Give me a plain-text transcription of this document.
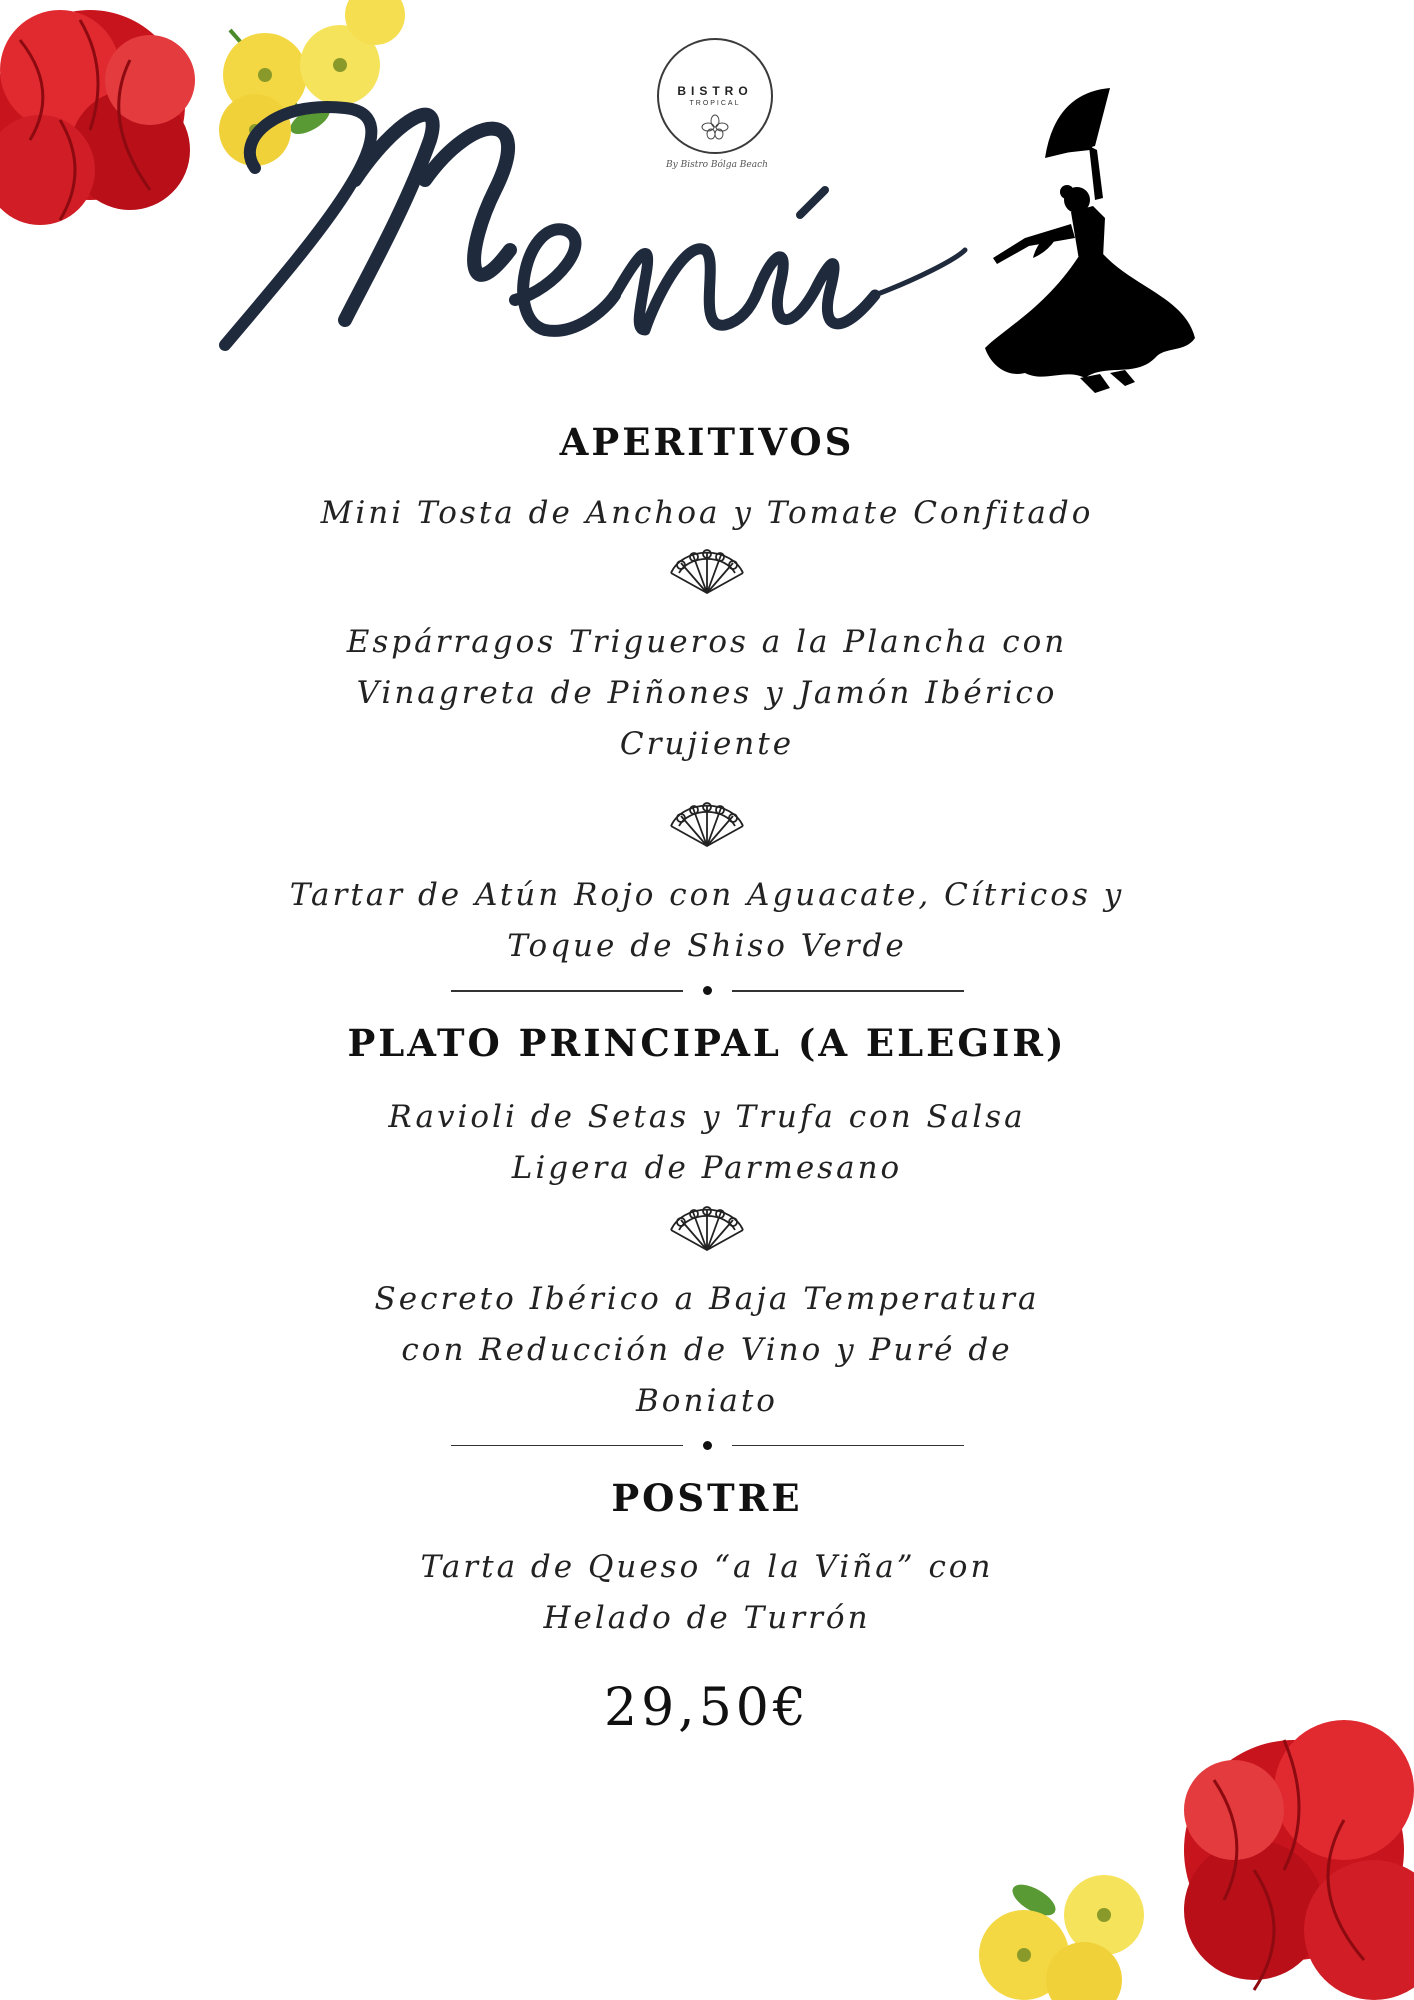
BISTRO
TROPICAL
By Bistro Bólga Beach
APERITIVOS

Mini Tosta de Anchoa y Tomate Confitado

Espárragos Trigueros a la Plancha con Vinagreta de Piñones y Jamón Ibérico Crujiente

Tartar de Atún Rojo con Aguacate, Cítricos y Toque de Shiso Verde

PLATO PRINCIPAL (A ELEGIR)

Ravioli de Setas y Trufa con Salsa Ligera de Parmesano

Secreto Ibérico a Baja Temperatura con Reducción de Vino y Puré de Boniato

POSTRE

Tarta de Queso “a la Viña” con Helado de Turrón

29,50€
